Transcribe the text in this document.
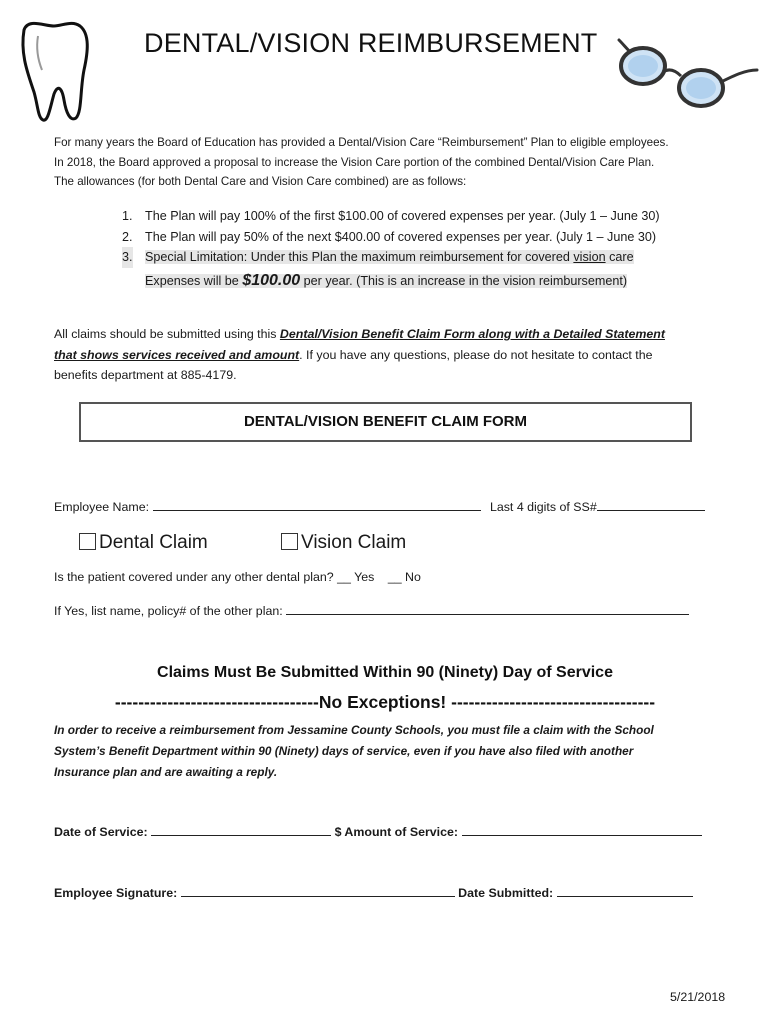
DENTAL/VISION REIMBURSEMENT
For many years the Board of Education has provided a Dental/Vision Care “Reimbursement” Plan to eligible employees.
In 2018, the Board approved a proposal to increase the Vision Care portion of the combined Dental/Vision Care Plan.
The allowances (for both Dental Care and Vision Care combined) are as follows:
1. The Plan will pay 100% of the first $100.00 of covered expenses per year. (July 1 – June 30)
2. The Plan will pay 50% of the next $400.00 of covered expenses per year. (July 1 – June 30)
3. Special Limitation: Under this Plan the maximum reimbursement for covered vision care
Expenses will be $100.00 per year. (This is an increase in the vision reimbursement)
All claims should be submitted using this Dental/Vision Benefit Claim Form along with a Detailed Statement
that shows services received and amount. If you have any questions, please do not hesitate to contact the
benefits department at 885-4179.
DENTAL/VISION BENEFIT CLAIM FORM
Employee Name:	Last 4 digits of SS#
Dental Claim	Vision Claim
Is the patient covered under any other dental plan? __ Yes __ No
If Yes, list name, policy# of the other plan:
Claims Must Be Submitted Within 90 (Ninety) Day of Service
-----------------------------------No Exceptions! -----------------------------------
In order to receive a reimbursement from Jessamine County Schools, you must file a claim with the School
System’s Benefit Department within 90 (Ninety) days of service, even if you have also filed with another
Insurance plan and are awaiting a reply.
Date of Service:	$ Amount of Service:
Employee Signature:	Date Submitted:
5/21/2018
